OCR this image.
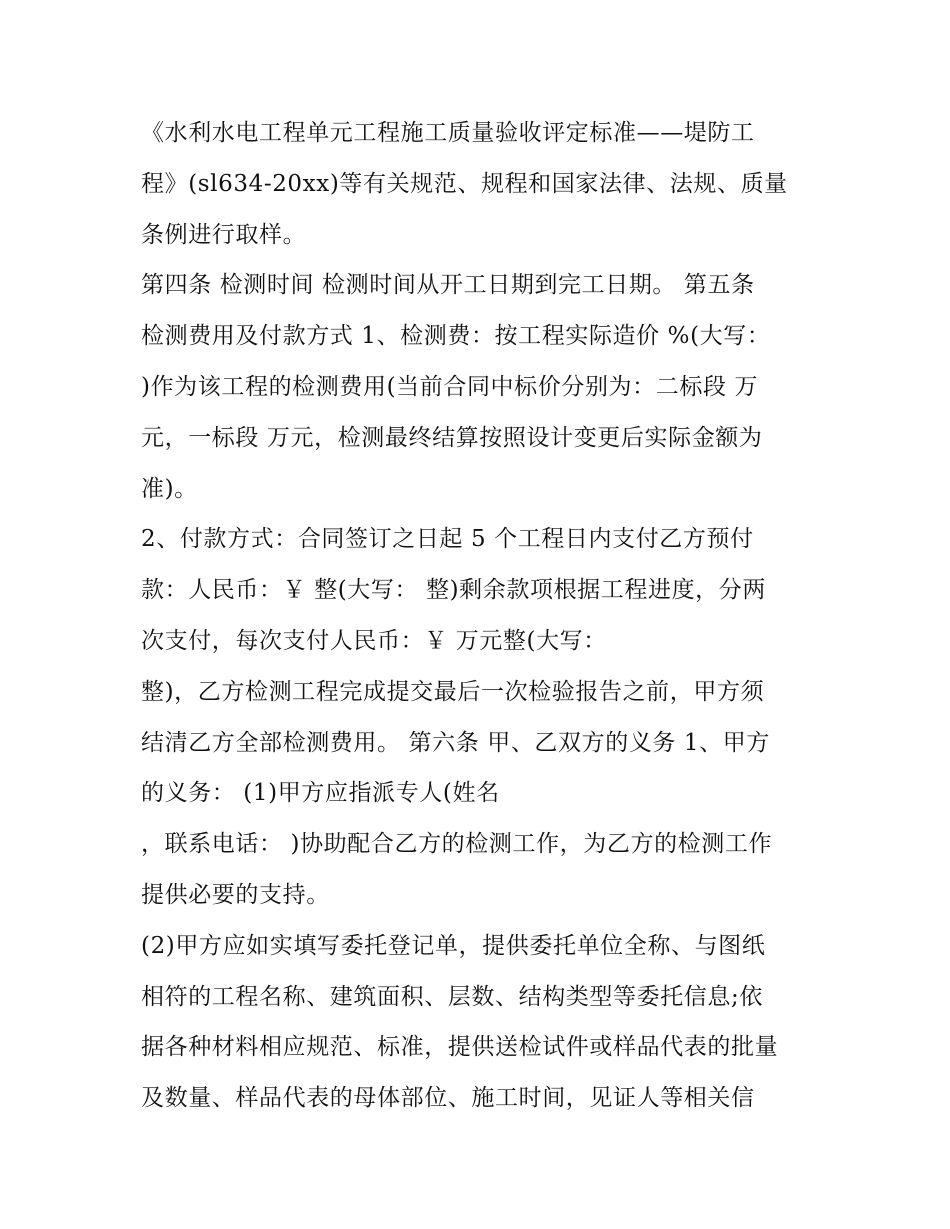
《水利水电工程单元工程施工质量验收评定标准——堤防工
程》(sl634-20xx)等有关规范、规程和国家法律、法规、质量
条例进行取样。
第四条 检测时间 检测时间从开工日期到完工日期。 第五条
检测费用及付款方式 1、检测费：按工程实际造价 %(大写：
)作为该工程的检测费用(当前合同中标价分别为：二标段 万
元，一标段 万元，检测最终结算按照设计变更后实际金额为
准)。
2、付款方式：合同签订之日起 5 个工程日内支付乙方预付
款：人民币：￥ 整(大写： 整)剩余款项根据工程进度，分两
次支付，每次支付人民币：￥ 万元整(大写：
整)，乙方检测工程完成提交最后一次检验报告之前，甲方须
结清乙方全部检测费用。 第六条 甲、乙双方的义务 1、甲方
的义务： (1)甲方应指派专人(姓名
，联系电话： )协助配合乙方的检测工作，为乙方的检测工作
提供必要的支持。
(2)甲方应如实填写委托登记单，提供委托单位全称、与图纸
相符的工程名称、建筑面积、层数、结构类型等委托信息;依
据各种材料相应规范、标准，提供送检试件或样品代表的批量
及数量、样品代表的母体部位、施工时间，见证人等相关信
